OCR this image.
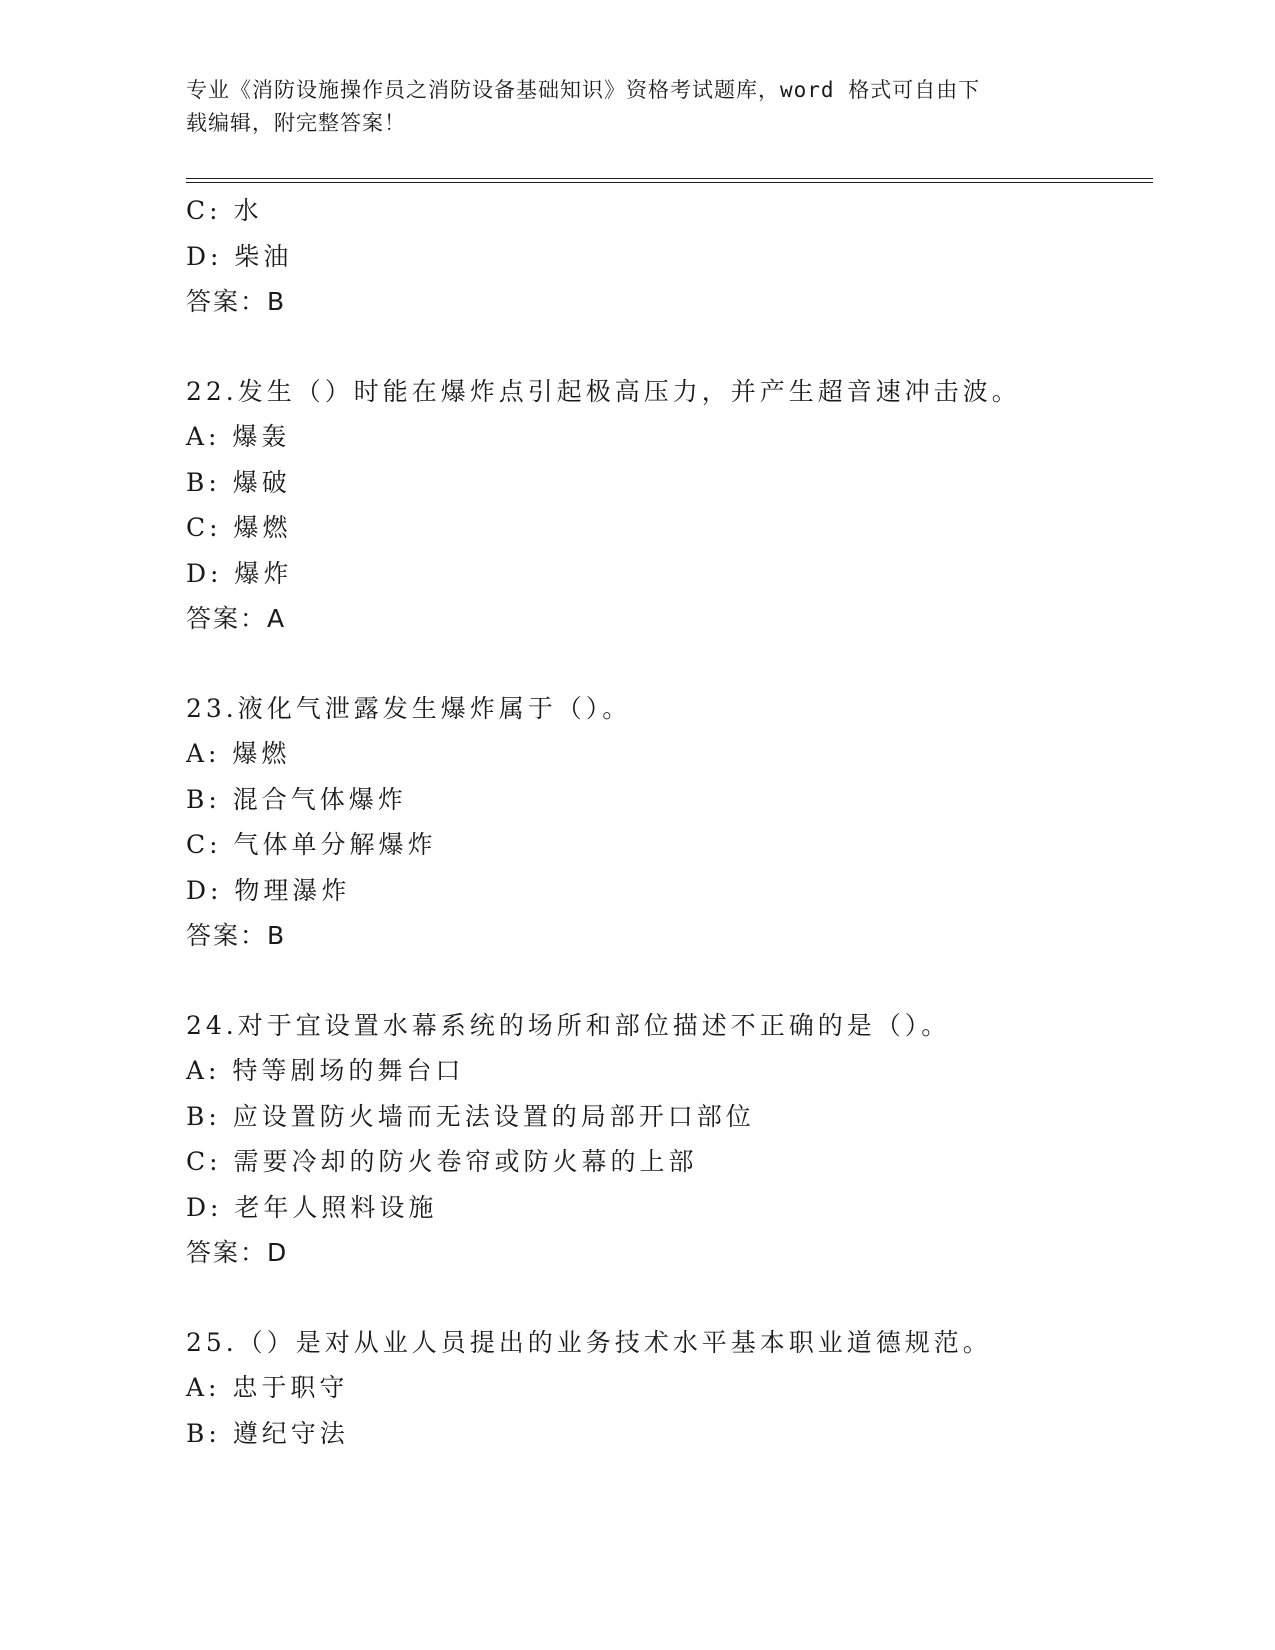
专业《消防设施操作员之消防设备基础知识》资格考试题库，word 格式可自由下
载编辑，附完整答案！
C: 水
D: 柴油
答案：B
22.发生（）时能在爆炸点引起极高压力，并产生超音速冲击波。
A: 爆轰
B: 爆破
C: 爆燃
D: 爆炸
答案：A
23.液化气泄露发生爆炸属于（）。
A: 爆燃
B: 混合气体爆炸
C: 气体单分解爆炸
D: 物理瀑炸
答案：B
24.对于宜设置水幕系统的场所和部位描述不正确的是（）。
A: 特等剧场的舞台口
B: 应设置防火墙而无法设置的局部开口部位
C: 需要冷却的防火卷帘或防火幕的上部
D: 老年人照料设施
答案：D
25.（）是对从业人员提出的业务技术水平基本职业道德规范。
A: 忠于职守
B: 遵纪守法
